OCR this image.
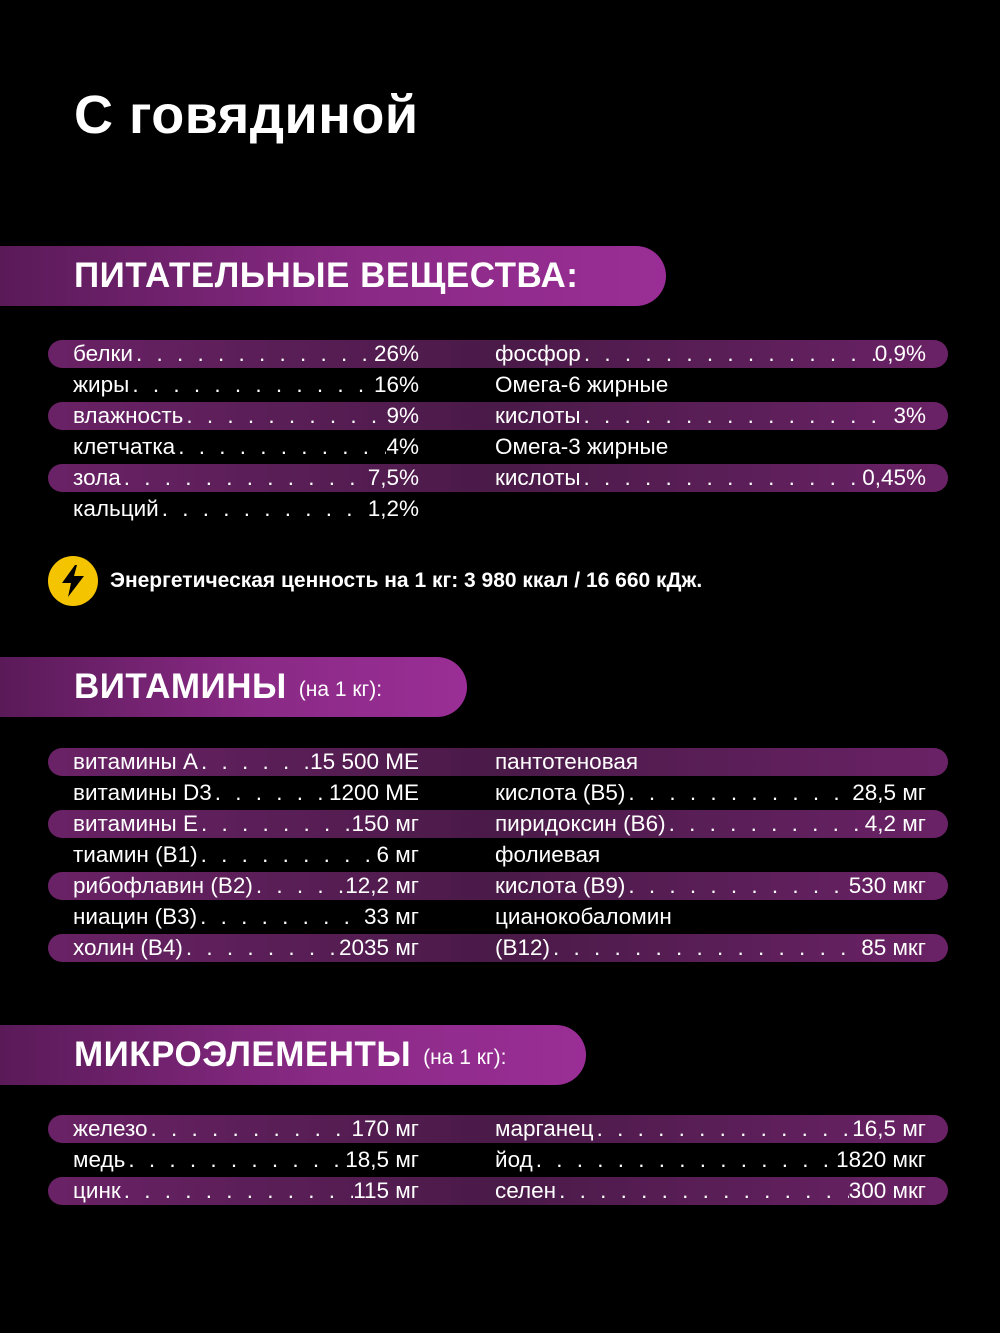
С говядиной
ПИТАТЕЛЬНЫЕ ВЕЩЕСТВА:
белки . . .	26%
жиры . . .	16%
влажность . . .	9%
клетчатка . . .	4%
зола . . .	7,5%
кальций . . .	1,2%
фосфор . . .	0,9%
Омега-6 жирные
кислоты . . .	3%
Омега-3 жирные
кислоты . . .	0,45%
Энергетическая ценность на 1 кг: 3 980 ккал / 16 660 кДж.
ВИТАМИНЫ (на 1 кг):
витамины А . . .	15 500 МЕ
витамины D3 . . .	1200 МЕ
витамины Е . . .	150 мг
тиамин (B1) . . .	6 мг
рибофлавин (B2) . . .	12,2 мг
ниацин (B3) . . .	33 мг
холин (B4) . . .	2035 мг
пантотеновая
кислота (B5) . . .	28,5 мг
пиридоксин (B6) . . .	4,2 мг
фолиевая
кислота (B9) . . .	530 мкг
цианокобаломин
(B12) . . .	85 мкг
МИКРОЭЛЕМЕНТЫ (на 1 кг):
железо . . .	170 мг
медь . . .	18,5 мг
цинк . . .	115 мг
марганец . . .	16,5 мг
йод . . .	1820 мкг
селен . . .	300 мкг
